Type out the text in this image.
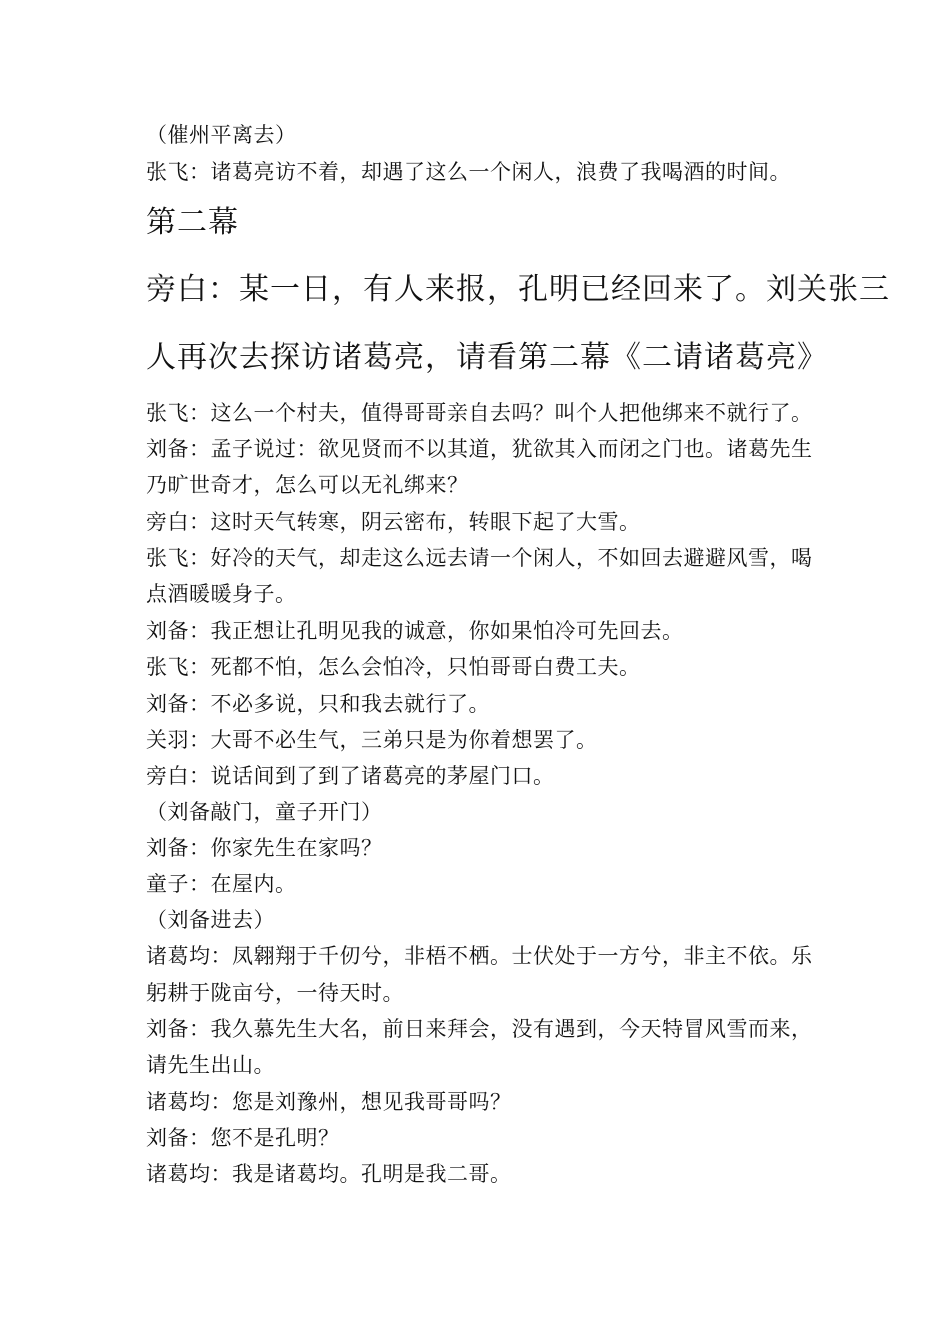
（催州平离去）
张飞：诸葛亮访不着，却遇了这么一个闲人，浪费了我喝酒的时间。
第二幕
旁白：某一日，有人来报，孔明已经回来了。刘关张三
人再次去探访诸葛亮，请看第二幕《二请诸葛亮》
张飞：这么一个村夫，值得哥哥亲自去吗？叫个人把他绑来不就行了。
刘备：孟子说过：欲见贤而不以其道，犹欲其入而闭之门也。诸葛先生
乃旷世奇才，怎么可以无礼绑来？
旁白：这时天气转寒，阴云密布，转眼下起了大雪。
张飞：好冷的天气，却走这么远去请一个闲人，不如回去避避风雪，喝
点酒暖暖身子。
刘备：我正想让孔明见我的诚意，你如果怕冷可先回去。
张飞：死都不怕，怎么会怕冷，只怕哥哥白费工夫。
刘备：不必多说，只和我去就行了。
关羽：大哥不必生气，三弟只是为你着想罢了。
旁白：说话间到了到了诸葛亮的茅屋门口。
（刘备敲门，童子开门）
刘备：你家先生在家吗？
童子：在屋内。
（刘备进去）
诸葛均：凤翱翔于千仞兮，非梧不栖。士伏处于一方兮，非主不依。乐
躬耕于陇亩兮，一待天时。
刘备：我久慕先生大名，前日来拜会，没有遇到，今天特冒风雪而来，
请先生出山。
诸葛均：您是刘豫州，想见我哥哥吗？
刘备：您不是孔明？
诸葛均：我是诸葛均。孔明是我二哥。
